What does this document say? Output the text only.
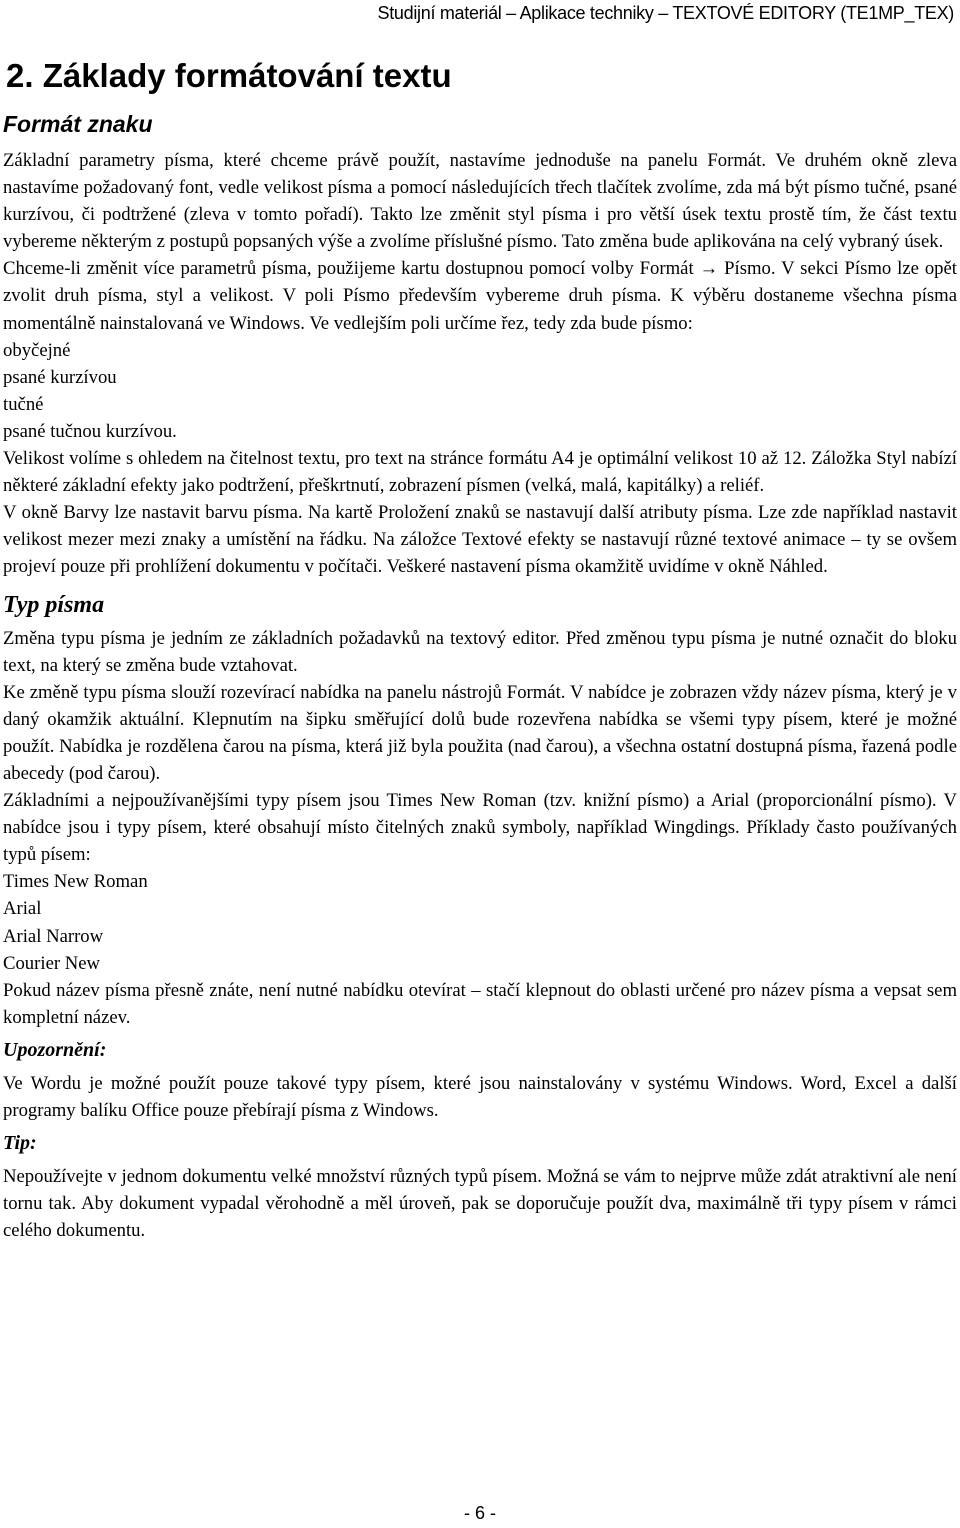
Studijní materiál – Aplikace techniky – TEXTOVÉ EDITORY (TE1MP_TEX)
2. Základy formátování textu
Formát znaku

Základní parametry písma, které chceme právě použít, nastavíme jednoduše na panelu Formát. Ve druhém okně zleva nastavíme požadovaný font, vedle velikost písma a pomocí následujících třech tlačítek zvolíme, zda má být písmo tučné, psané kurzívou, či podtržené (zleva v tomto pořadí). Takto lze změnit styl písma i pro větší úsek textu prostě tím, že část textu vybereme některým z postupů popsaných výše a zvolíme příslušné písmo. Tato změna bude aplikována na celý vybraný úsek.

Chceme-li změnit více parametrů písma, použijeme kartu dostupnou pomocí volby Formát → Písmo. V sekci Písmo lze opět zvolit druh písma, styl a velikost. V poli Písmo především vybereme druh písma. K výběru dostaneme všechna písma momentálně nainstalovaná ve Windows. Ve vedlejším poli určíme řez, tedy zda bude písmo:

obyčejné

psané kurzívou

tučné

psané tučnou kurzívou.

Velikost volíme s ohledem na čitelnost textu, pro text na stránce formátu A4 je optimální velikost 10 až 12. Záložka Styl nabízí některé základní efekty jako podtržení, přeškrtnutí, zobrazení písmen (velká, malá, kapitálky) a reliéf.

V okně Barvy lze nastavit barvu písma. Na kartě Proložení znaků se nastavují další atributy písma. Lze zde například nastavit velikost mezer mezi znaky a umístění na řádku. Na záložce Textové efekty se nastavují různé textové animace – ty se ovšem projeví pouze při prohlížení dokumentu v počítači. Veškeré nastavení písma okamžitě uvidíme v okně Náhled.

Typ písma

Změna typu písma je jedním ze základních požadavků na textový editor. Před změnou typu písma je nutné označit do bloku text, na který se změna bude vztahovat.

Ke změně typu písma slouží rozevírací nabídka na panelu nástrojů Formát. V nabídce je zobrazen vždy název písma, který je v daný okamžik aktuální. Klepnutím na šipku směřující dolů bude rozevřena nabídka se všemi typy písem, které je možné použít. Nabídka je rozdělena čarou na písma, která již byla použita (nad čarou), a všechna ostatní dostupná písma, řazená podle abecedy (pod čarou).

Základními a nejpoužívanějšími typy písem jsou Times New Roman (tzv. knižní písmo) a Arial (proporcionální písmo). V nabídce jsou i typy písem, které obsahují místo čitelných znaků symboly, například Wingdings. Příklady často používaných typů písem:

Times New Roman

Arial

Arial Narrow

Courier New

Pokud název písma přesně znáte, není nutné nabídku otevírat – stačí klepnout do oblasti určené pro název písma a vepsat sem kompletní název.

Upozornění:

Ve Wordu je možné použít pouze takové typy písem, které jsou nainstalovány v systému Windows. Word, Excel a další programy balíku Office pouze přebírají písma z Windows.

Tip:

Nepoužívejte v jednom dokumentu velké množství různých typů písem. Možná se vám to nejprve může zdát atraktivní ale není tornu tak. Aby dokument vypadal věrohodně a měl úroveň, pak se doporučuje použít dva, maximálně tři typy písem v rámci celého dokumentu.

- 6 -
